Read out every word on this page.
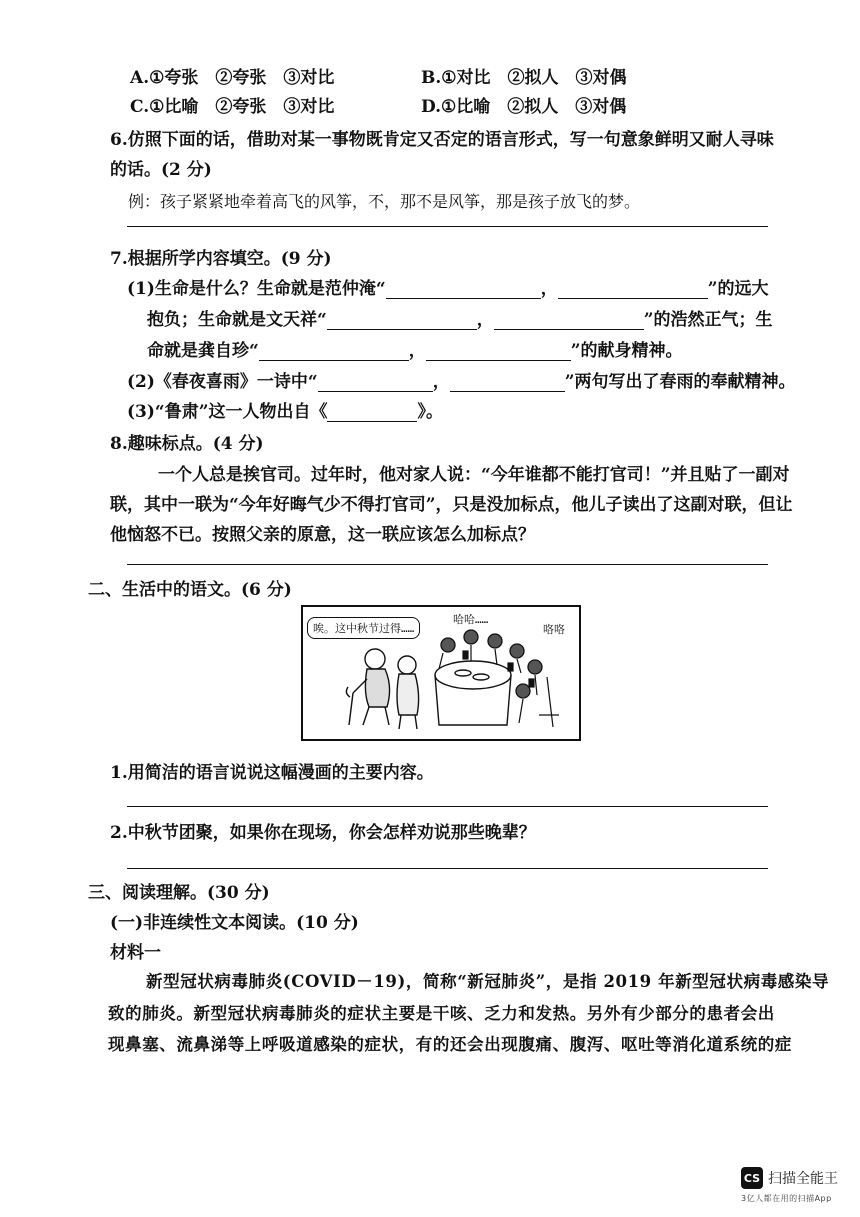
A.①夸张　②夸张　③对比	B.①对比　②拟人　③对偶
C.①比喻　②夸张　③对比	D.①比喻　②拟人　③对偶
6.仿照下面的话，借助对某一事物既肯定又否定的语言形式，写一句意象鲜明又耐人寻味
的话。(2 分)
例：孩子紧紧地牵着高飞的风筝，不，那不是风筝，那是孩子放飞的梦。
7.根据所学内容填空。(9 分)
(1)生命是什么？生命就是范仲淹“	，	”的远大
抱负；生命就是文天祥“	，	”的浩然正气；生
命就是龚自珍“	，	”的献身精神。
(2)《春夜喜雨》一诗中“	，	”两句写出了春雨的奉献精神。
(3)“鲁肃”这一人物出自《	》。
8.趣味标点。(4 分)
一个人总是挨官司。过年时，他对家人说：“今年谁都不能打官司！”并且贴了一副对
联，其中一联为“今年好晦气少不得打官司”，只是没加标点，他儿子读出了这副对联，但让
他恼怒不已。按照父亲的原意，这一联应该怎么加标点？
二、生活中的语文。(6 分)
唉。这中秋节过得……
哈哈……
咯咯
1.用简洁的语言说说这幅漫画的主要内容。
2.中秋节团聚，如果你在现场，你会怎样劝说那些晚辈？
三、阅读理解。(30 分)
(一)非连续性文本阅读。(10 分)
材料一
新型冠状病毒肺炎(COVID－19)，简称“新冠肺炎”，是指 2019 年新型冠状病毒感染导
致的肺炎。新型冠状病毒肺炎的症状主要是干咳、乏力和发热。另外有少部分的患者会出
现鼻塞、流鼻涕等上呼吸道感染的症状，有的还会出现腹痛、腹泻、呕吐等消化道系统的症
CS 扫描全能王
3亿人都在用的扫描App
